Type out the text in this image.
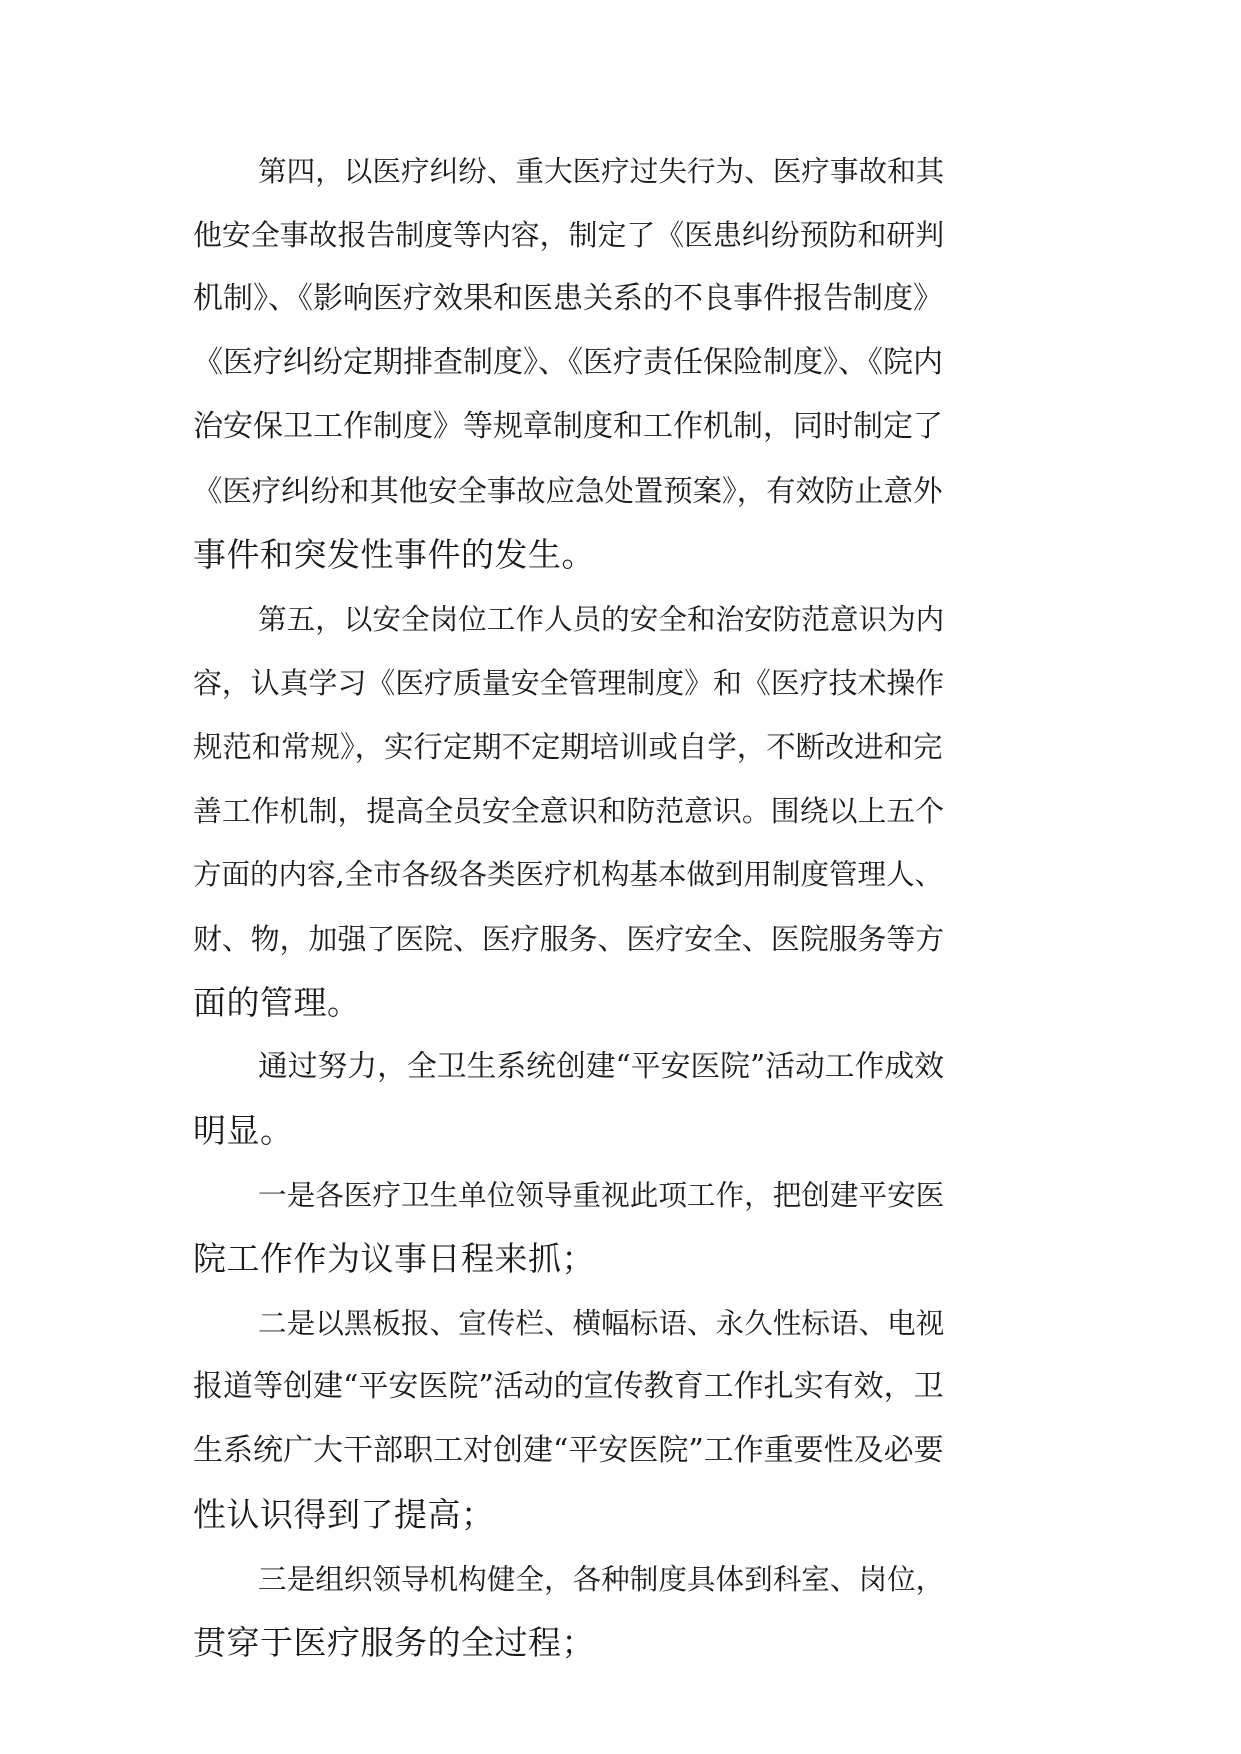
第四，以医疗纠纷、重大医疗过失行为、医疗事故和其
他安全事故报告制度等内容，制定了《医患纠纷预防和研判
机制》、《影响医疗效果和医患关系的不良事件报告制度》
《医疗纠纷定期排查制度》、《医疗责任保险制度》、《院内
治安保卫工作制度》等规章制度和工作机制，同时制定了
《医疗纠纷和其他安全事故应急处置预案》，有效防止意外
事件和突发性事件的发生。
第五，以安全岗位工作人员的安全和治安防范意识为内
容，认真学习《医疗质量安全管理制度》和《医疗技术操作
规范和常规》，实行定期不定期培训或自学，不断改进和完
善工作机制，提高全员安全意识和防范意识。围绕以上五个
方面的内容,全市各级各类医疗机构基本做到用制度管理人、
财、物，加强了医院、医疗服务、医疗安全、医院服务等方
面的管理。
通过努力，全卫生系统创建“平安医院”活动工作成效
明显。
一是各医疗卫生单位领导重视此项工作，把创建平安医
院工作作为议事日程来抓；
二是以黑板报、宣传栏、横幅标语、永久性标语、电视
报道等创建“平安医院”活动的宣传教育工作扎实有效，卫
生系统广大干部职工对创建“平安医院”工作重要性及必要
性认识得到了提高；
三是组织领导机构健全，各种制度具体到科室、岗位，
贯穿于医疗服务的全过程；
